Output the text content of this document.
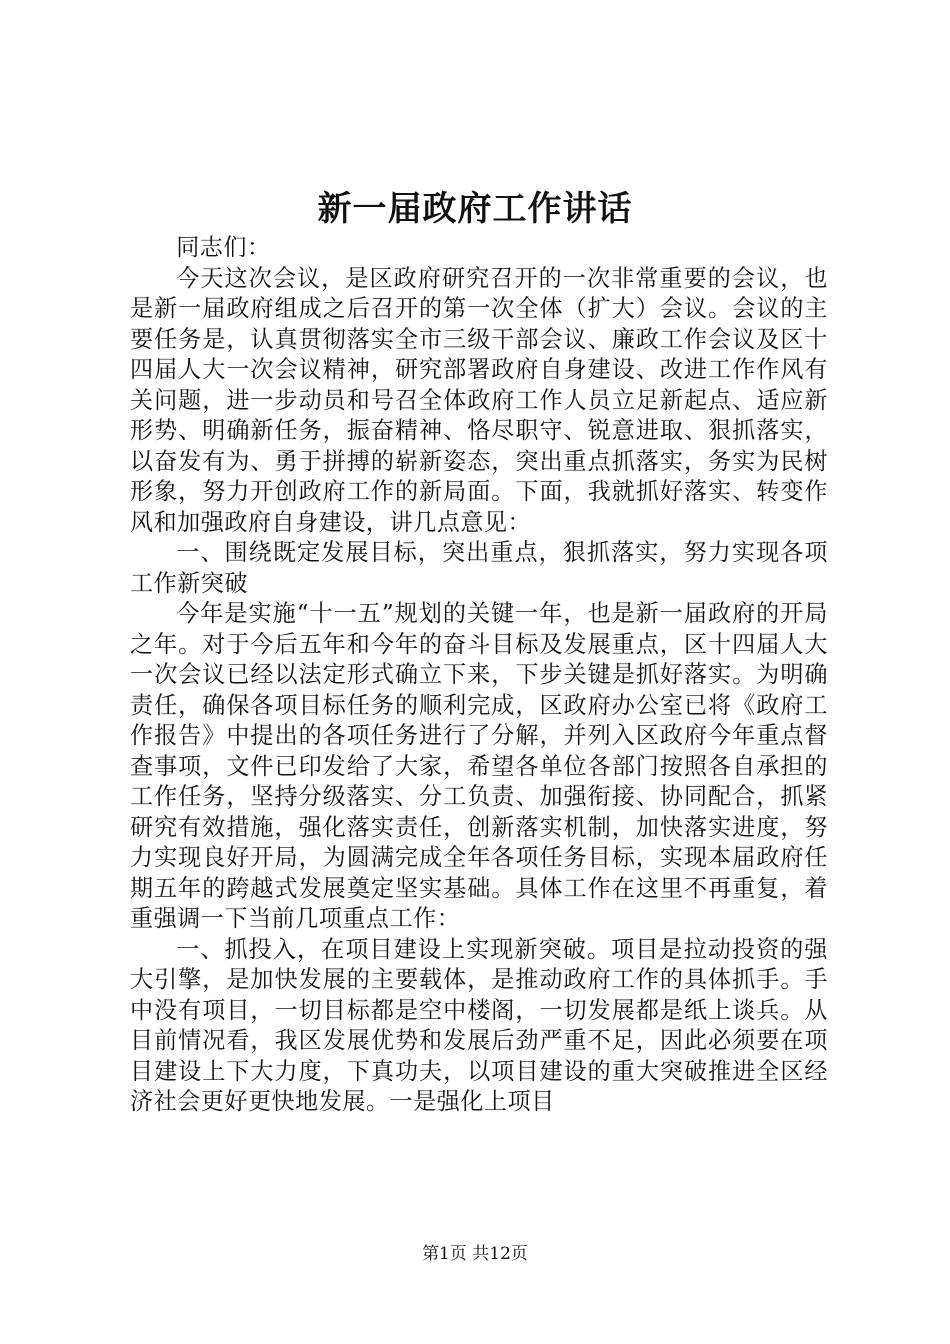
新一届政府工作讲话

同志们：

今天这次会议，是区政府研究召开的一次非常重要的会议，也是新一届政府组成之后召开的第一次全体（扩大）会议。会议的主要任务是，认真贯彻落实全市三级干部会议、廉政工作会议及区十四届人大一次会议精神，研究部署政府自身建设、改进工作作风有关问题，进一步动员和号召全体政府工作人员立足新起点、适应新形势、明确新任务，振奋精神、恪尽职守、锐意进取、狠抓落实，以奋发有为、勇于拼搏的崭新姿态，突出重点抓落实，务实为民树形象，努力开创政府工作的新局面。下面，我就抓好落实、转变作风和加强政府自身建设，讲几点意见：

一、围绕既定发展目标，突出重点，狠抓落实，努力实现各项工作新突破

今年是实施“十一五”规划的关键一年，也是新一届政府的开局之年。对于今后五年和今年的奋斗目标及发展重点，区十四届人大一次会议已经以法定形式确立下来，下步关键是抓好落实。为明确责任，确保各项目标任务的顺利完成，区政府办公室已将《政府工作报告》中提出的各项任务进行了分解，并列入区政府今年重点督查事项，文件已印发给了大家，希望各单位各部门按照各自承担的工作任务，坚持分级落实、分工负责、加强衔接、协同配合，抓紧研究有效措施，强化落实责任，创新落实机制，加快落实进度，努力实现良好开局，为圆满完成全年各项任务目标，实现本届政府任期五年的跨越式发展奠定坚实基础。具体工作在这里不再重复，着重强调一下当前几项重点工作：

一、抓投入，在项目建设上实现新突破。项目是拉动投资的强大引擎，是加快发展的主要载体，是推动政府工作的具体抓手。手中没有项目，一切目标都是空中楼阁，一切发展都是纸上谈兵。从目前情况看，我区发展优势和发展后劲严重不足，因此必须要在项目建设上下大力度，下真功夫，以项目建设的重大突破推进全区经济社会更好更快地发展。一是强化上项目

第1页 共12页
